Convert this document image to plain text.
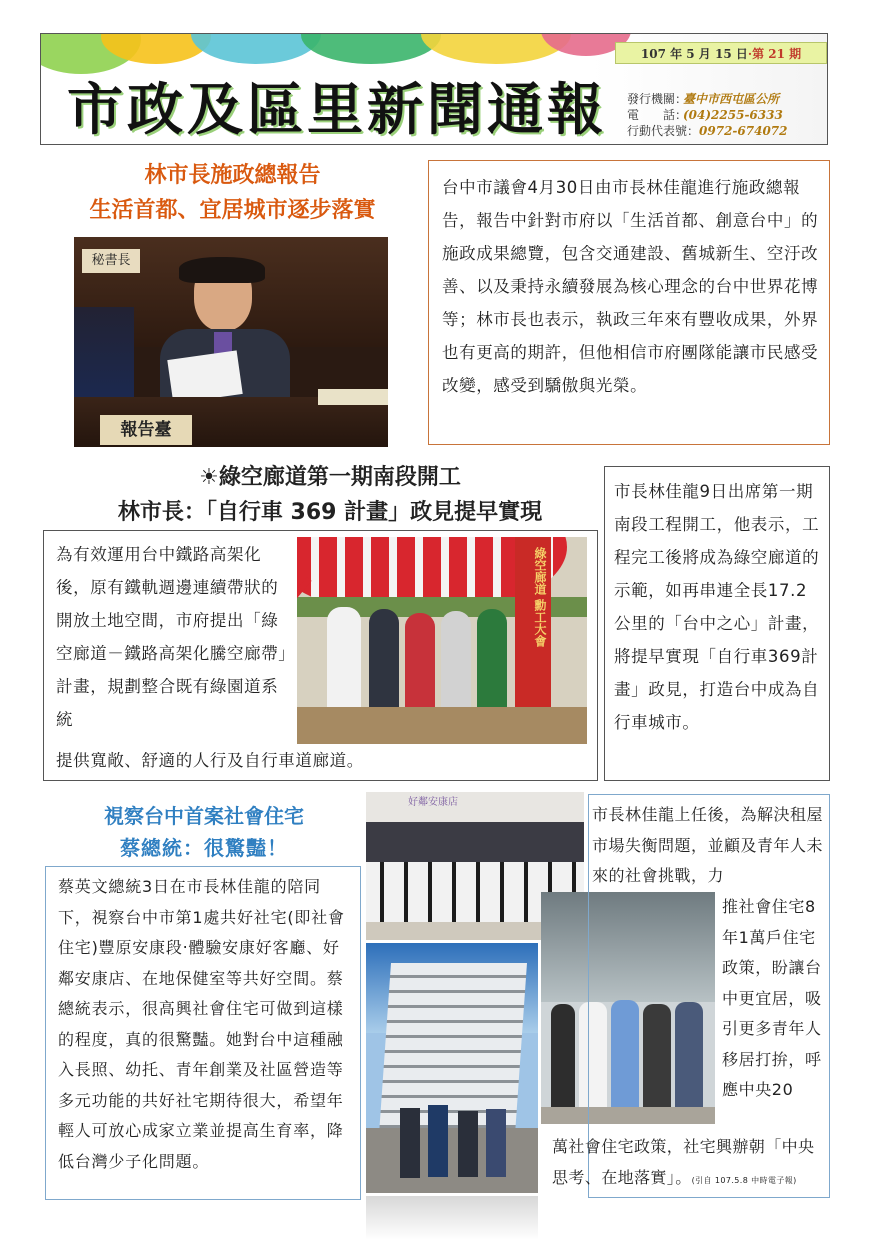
市政及區里新聞通報
107 年 5 月 15 日·第 21 期
發行機關：臺中市西屯區公所
電　　話：(04)2255-6333
行動代表號：0972-674072
林市長施政總報告
生活首都、宜居城市逐步落實
秘書長
報告臺
台中市議會4月30日由市長林佳龍進行施政總報告，報告中針對市府以「生活首都、創意台中」的施政成果總覽，包含交通建設、舊城新生、空汙改善、以及秉持永續發展為核心理念的台中世界花博等；林市長也表示，執政三年來有豐收成果，外界也有更高的期許，但他相信市府團隊能讓市民感受改變，感受到驕傲與光榮。
☀綠空廊道第一期南段開工
林市長：「自行車 369 計畫」政見提早實現
為有效運用台中鐵路高架化後，原有鐵軌週邊連續帶狀的開放土地空間，市府提出「綠空廊道－鐵路高架化騰空廊帶」計畫，規劃整合既有綠園道系統
提供寬敞、舒適的人行及自行車道廊道。
綠空廊道 勳工大會
市長林佳龍9日出席第一期南段工程開工，他表示，工程完工後將成為綠空廊道的示範，如再串連全長17.2公里的「台中之心」計畫，將提早實現「自行車369計畫」政見，打造台中成為自行車城市。
視察台中首案社會住宅
蔡總統：很驚豔！
蔡英文總統3日在市長林佳龍的陪同下，視察台中市第1處共好社宅(即社會住宅)豐原安康段‧體驗安康好客廳、好鄰安康店、在地保健室等共好空間。蔡總統表示，很高興社會住宅可做到這樣的程度，真的很驚豔。她對台中這種融入長照、幼托、青年創業及社區營造等多元功能的共好社宅期待很大，希望年輕人可放心成家立業並提高生育率，降低台灣少子化問題。
好鄰安康店
市長林佳龍上任後，為解決租屋市場失衡問題，並顧及青年人未來的社會挑戰，力
推社會住宅8年1萬戶住宅政策，盼讓台中更宜居，吸引更多青年人移居打拚，呼應中央20
萬社會住宅政策，社宅興辦朝「中央思考、在地落實」。(引自 107.5.8 中時電子報)
